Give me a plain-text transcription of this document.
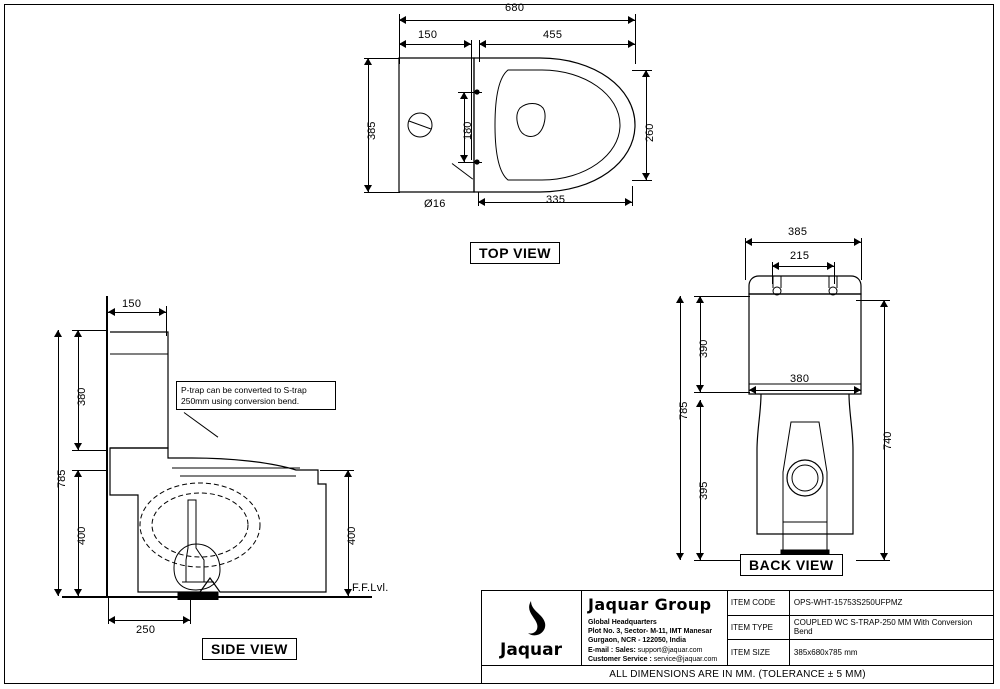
680
150	455
385	180	260
Ø16	335
TOP VIEW
150
P-trap can be converted to S-trap
250mm using conversion bend.
380
785
400	400
F.F.Lvl.
250
SIDE VIEW
385
215
390
785
380
395
740
BACK VIEW
Jaquar
Jaquar Group
Global Headquarters
Plot No. 3, Sector- M-11, IMT Manesar
Gurgaon, NCR - 122050, India
E-mail : Sales: support@jaquar.com
Customer Service : service@jaquar.com
ITEM CODE	OPS-WHT-15753S250UFPMZ
ITEM TYPE	COUPLED WC S-TRAP-250 MM With Conversion Bend
ITEM SIZE	385x680x785 mm
ALL DIMENSIONS ARE IN MM. (TOLERANCE ± 5 MM)
